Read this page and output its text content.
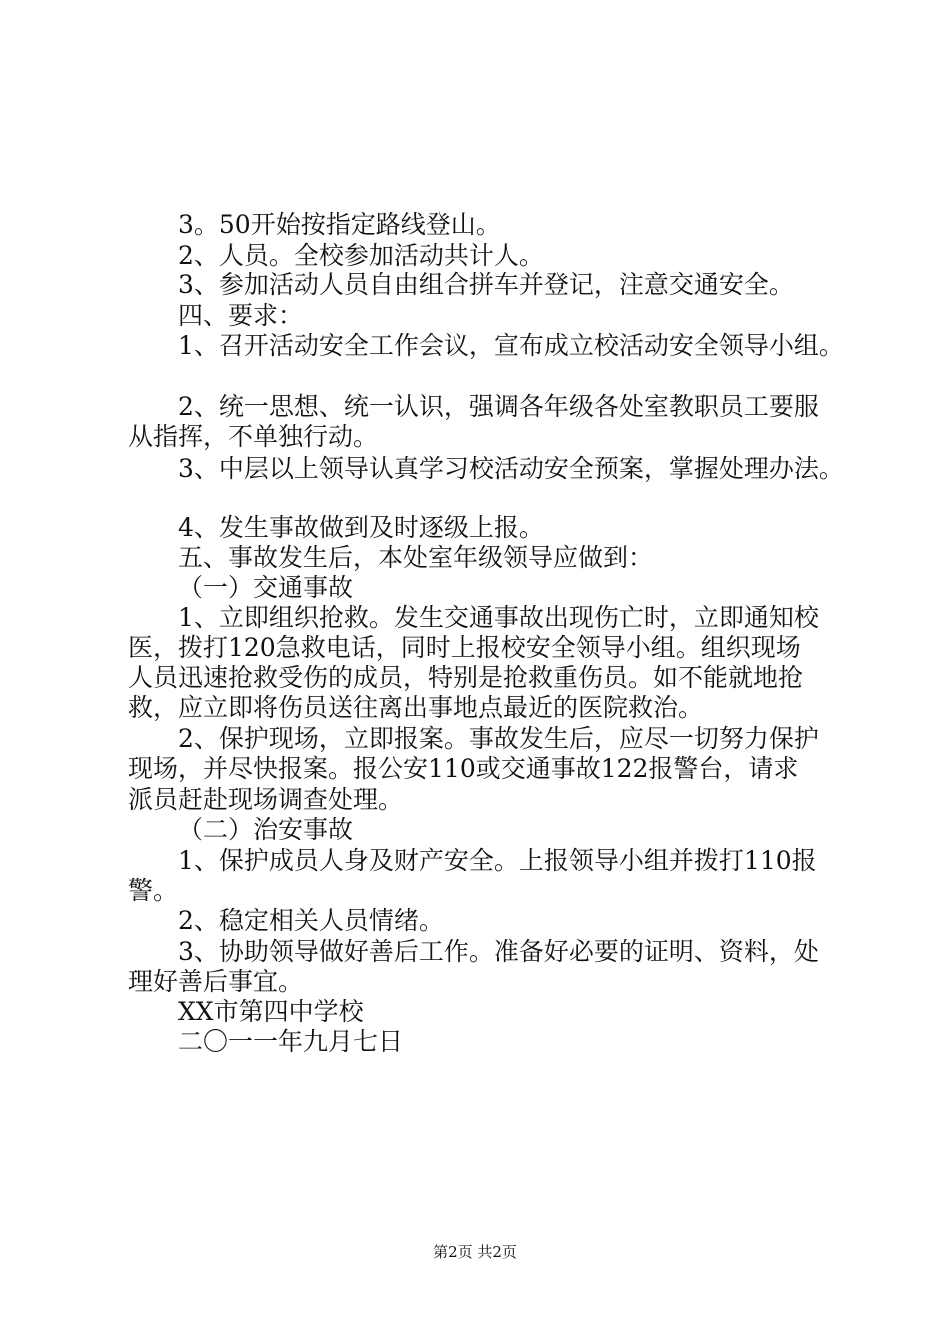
3。50开始按指定路线登山。

2、人员。全校参加活动共计人。

3、参加活动人员自由组合拼车并登记，注意交通安全。

四、要求：

1、召开活动安全工作会议，宣布成立校活动安全领导小组。

2、统一思想、统一认识，强调各年级各处室教职员工要服

从指挥，不单独行动。

3、中层以上领导认真学习校活动安全预案，掌握处理办法。

4、发生事故做到及时逐级上报。

五、事故发生后，本处室年级领导应做到：

（一）交通事故

1、立即组织抢救。发生交通事故出现伤亡时，立即通知校

医，拨打120急救电话，同时上报校安全领导小组。组织现场

人员迅速抢救受伤的成员，特别是抢救重伤员。如不能就地抢

救，应立即将伤员送往离出事地点最近的医院救治。

2、保护现场，立即报案。事故发生后，应尽一切努力保护

现场，并尽快报案。报公安110或交通事故122报警台，请求

派员赶赴现场调查处理。

（二）治安事故

1、保护成员人身及财产安全。上报领导小组并拨打110报

警。

2、稳定相关人员情绪。

3、协助领导做好善后工作。准备好必要的证明、资料，处

理好善后事宜。

XX市第四中学校

二〇一一年九月七日

第2页 共2页
